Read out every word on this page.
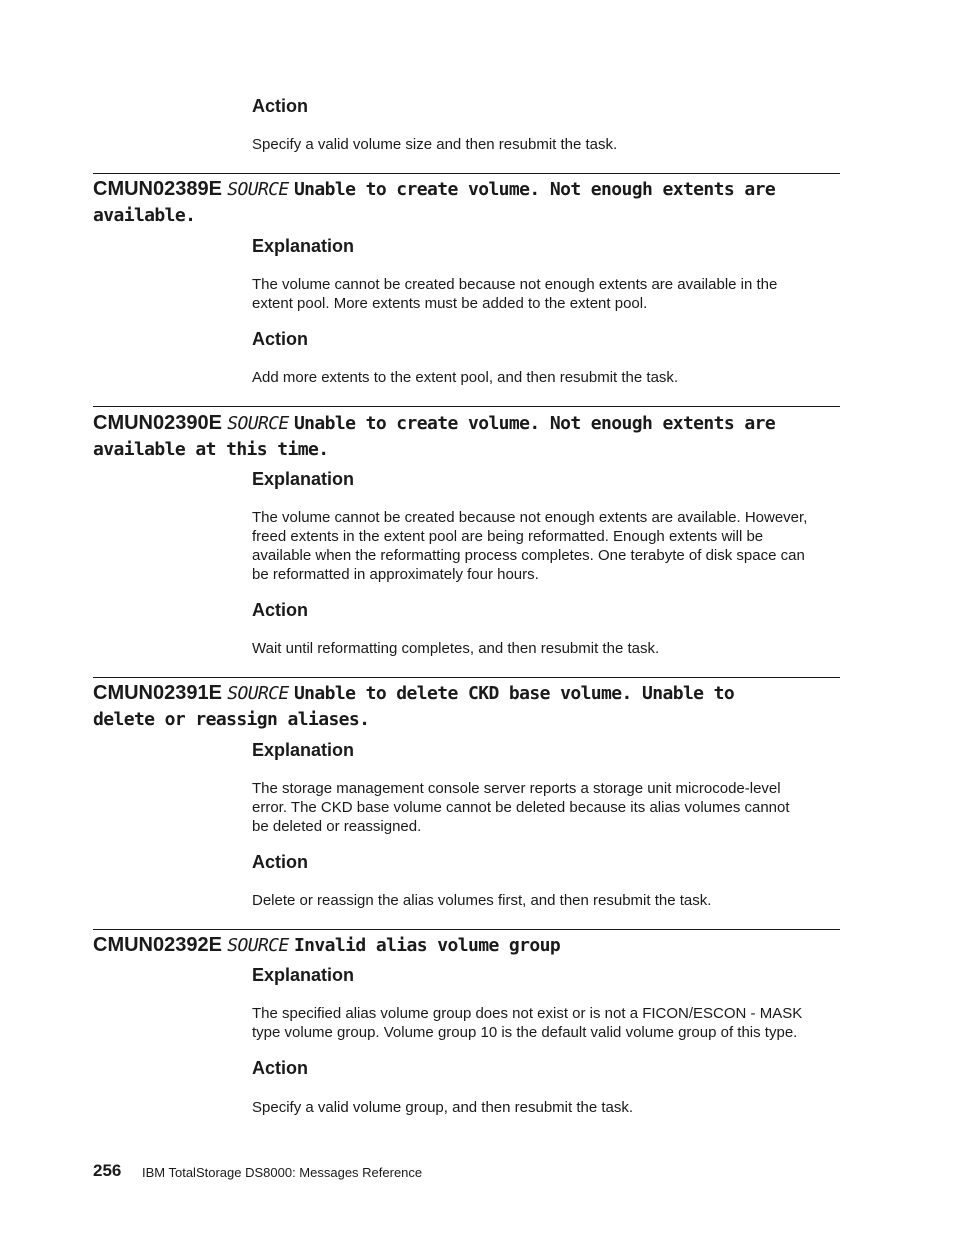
Action
Specify a valid volume size and then resubmit the task.
CMUN02389E SOURCE Unable to create volume. Not enough extents are
available.
Explanation
The volume cannot be created because not enough extents are available in the
extent pool. More extents must be added to the extent pool.
Action
Add more extents to the extent pool, and then resubmit the task.
CMUN02390E SOURCE Unable to create volume. Not enough extents are
available at this time.
Explanation
The volume cannot be created because not enough extents are available. However,
freed extents in the extent pool are being reformatted. Enough extents will be
available when the reformatting process completes. One terabyte of disk space can
be reformatted in approximately four hours.
Action
Wait until reformatting completes, and then resubmit the task.
CMUN02391E SOURCE Unable to delete CKD base volume. Unable to
delete or reassign aliases.
Explanation
The storage management console server reports a storage unit microcode-level
error. The CKD base volume cannot be deleted because its alias volumes cannot
be deleted or reassigned.
Action
Delete or reassign the alias volumes first, and then resubmit the task.
CMUN02392E SOURCE Invalid alias volume group
Explanation
The specified alias volume group does not exist or is not a FICON/ESCON - MASK
type volume group. Volume group 10 is the default valid volume group of this type.
Action
Specify a valid volume group, and then resubmit the task.
256 IBM TotalStorage DS8000: Messages Reference
